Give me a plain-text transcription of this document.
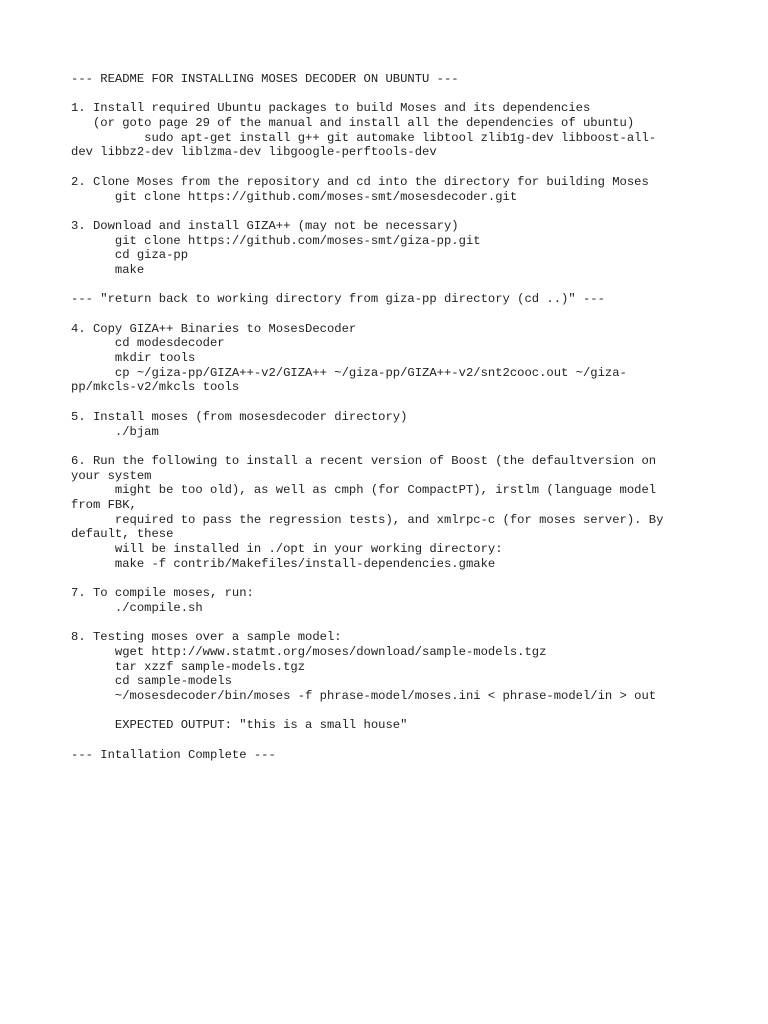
--- README FOR INSTALLING MOSES DECODER ON UBUNTU ---
1. Install required Ubuntu packages to build Moses and its dependencies
(or goto page 29 of the manual and install all the dependencies of ubuntu)
sudo apt-get install g++ git automake libtool zlib1g-dev libboost-all-
dev libbz2-dev liblzma-dev libgoogle-perftools-dev
2. Clone Moses from the repository and cd into the directory for building Moses
git clone https://github.com/moses-smt/mosesdecoder.git
3. Download and install GIZA++ (may not be necessary)
git clone https://github.com/moses-smt/giza-pp.git
cd giza-pp
make
--- "return back to working directory from giza-pp directory (cd ..)" ---
4. Copy GIZA++ Binaries to MosesDecoder
cd modesdecoder
mkdir tools
cp ~/giza-pp/GIZA++-v2/GIZA++ ~/giza-pp/GIZA++-v2/snt2cooc.out ~/giza-
pp/mkcls-v2/mkcls tools
5. Install moses (from mosesdecoder directory)
./bjam
6. Run the following to install a recent version of Boost (the defaultversion on
your system
might be too old), as well as cmph (for CompactPT), irstlm (language model
from FBK,
required to pass the regression tests), and xmlrpc-c (for moses server). By
default, these
will be installed in ./opt in your working directory:
make -f contrib/Makefiles/install-dependencies.gmake
7. To compile moses, run:
./compile.sh
8. Testing moses over a sample model:
wget http://www.statmt.org/moses/download/sample-models.tgz
tar xzzf sample-models.tgz
cd sample-models
~/mosesdecoder/bin/moses -f phrase-model/moses.ini < phrase-model/in > out
EXPECTED OUTPUT: "this is a small house"
--- Intallation Complete ---
